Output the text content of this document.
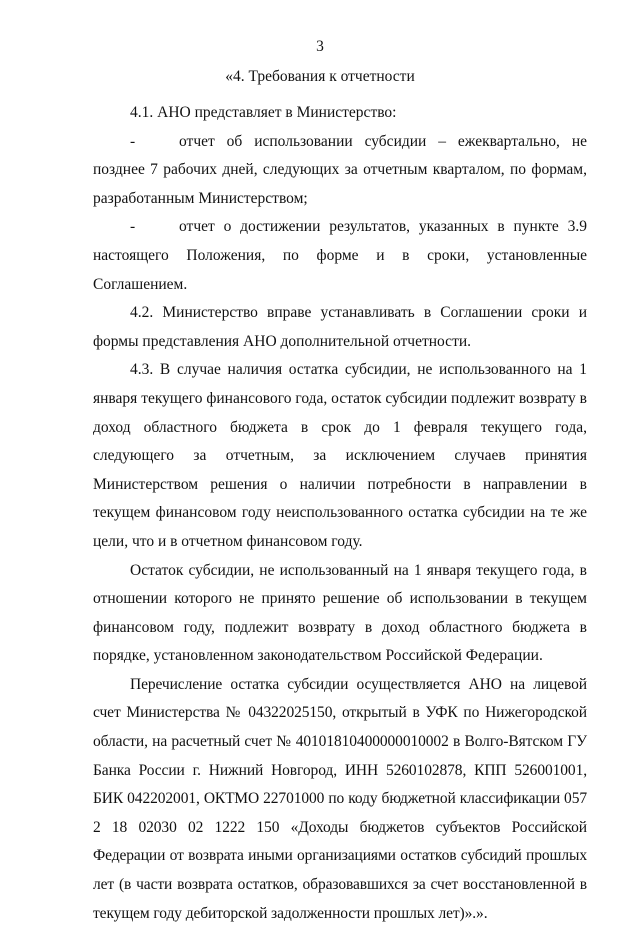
3
«4. Требования к отчетности

4.1. АНО представляет в Министерство:

-	отчет об использовании субсидии – ежеквартально, не позднее 7 рабочих дней, следующих за отчетным кварталом, по формам, разработанным Министерством;

-	отчет о достижении результатов, указанных в пункте 3.9 настоящего Положения, по форме и в сроки, установленные Соглашением.

4.2. Министерство вправе устанавливать в Соглашении сроки и формы представления АНО дополнительной отчетности.

4.3. В случае наличия остатка субсидии, не использованного на 1 января текущего финансового года, остаток субсидии подлежит возврату в доход областного бюджета в срок до 1 февраля текущего года, следующего за отчетным, за исключением случаев принятия Министерством решения о наличии потребности в направлении в текущем финансовом году неиспользованного остатка субсидии на те же цели, что и в отчетном финансовом году.

Остаток субсидии, не использованный на 1 января текущего года, в отношении которого не принято решение об использовании в текущем финансовом году, подлежит возврату в доход областного бюджета в порядке, установленном законодательством Российской Федерации.

Перечисление остатка субсидии осуществляется АНО на лицевой счет Министерства № 04322025150, открытый в УФК по Нижегородской области, на расчетный счет № 40101810400000010002 в Волго-Вятском ГУ Банка России г. Нижний Новгород, ИНН 5260102878, КПП 526001001, БИК 042202001, ОКТМО 22701000 по коду бюджетной классификации 057 2 18 02030 02 1222 150 «Доходы бюджетов субъектов Российской Федерации от возврата иными организациями остатков субсидий прошлых лет (в части возврата остатков, образовавшихся за счет восстановленной в текущем году дебиторской задолженности прошлых лет)».».
